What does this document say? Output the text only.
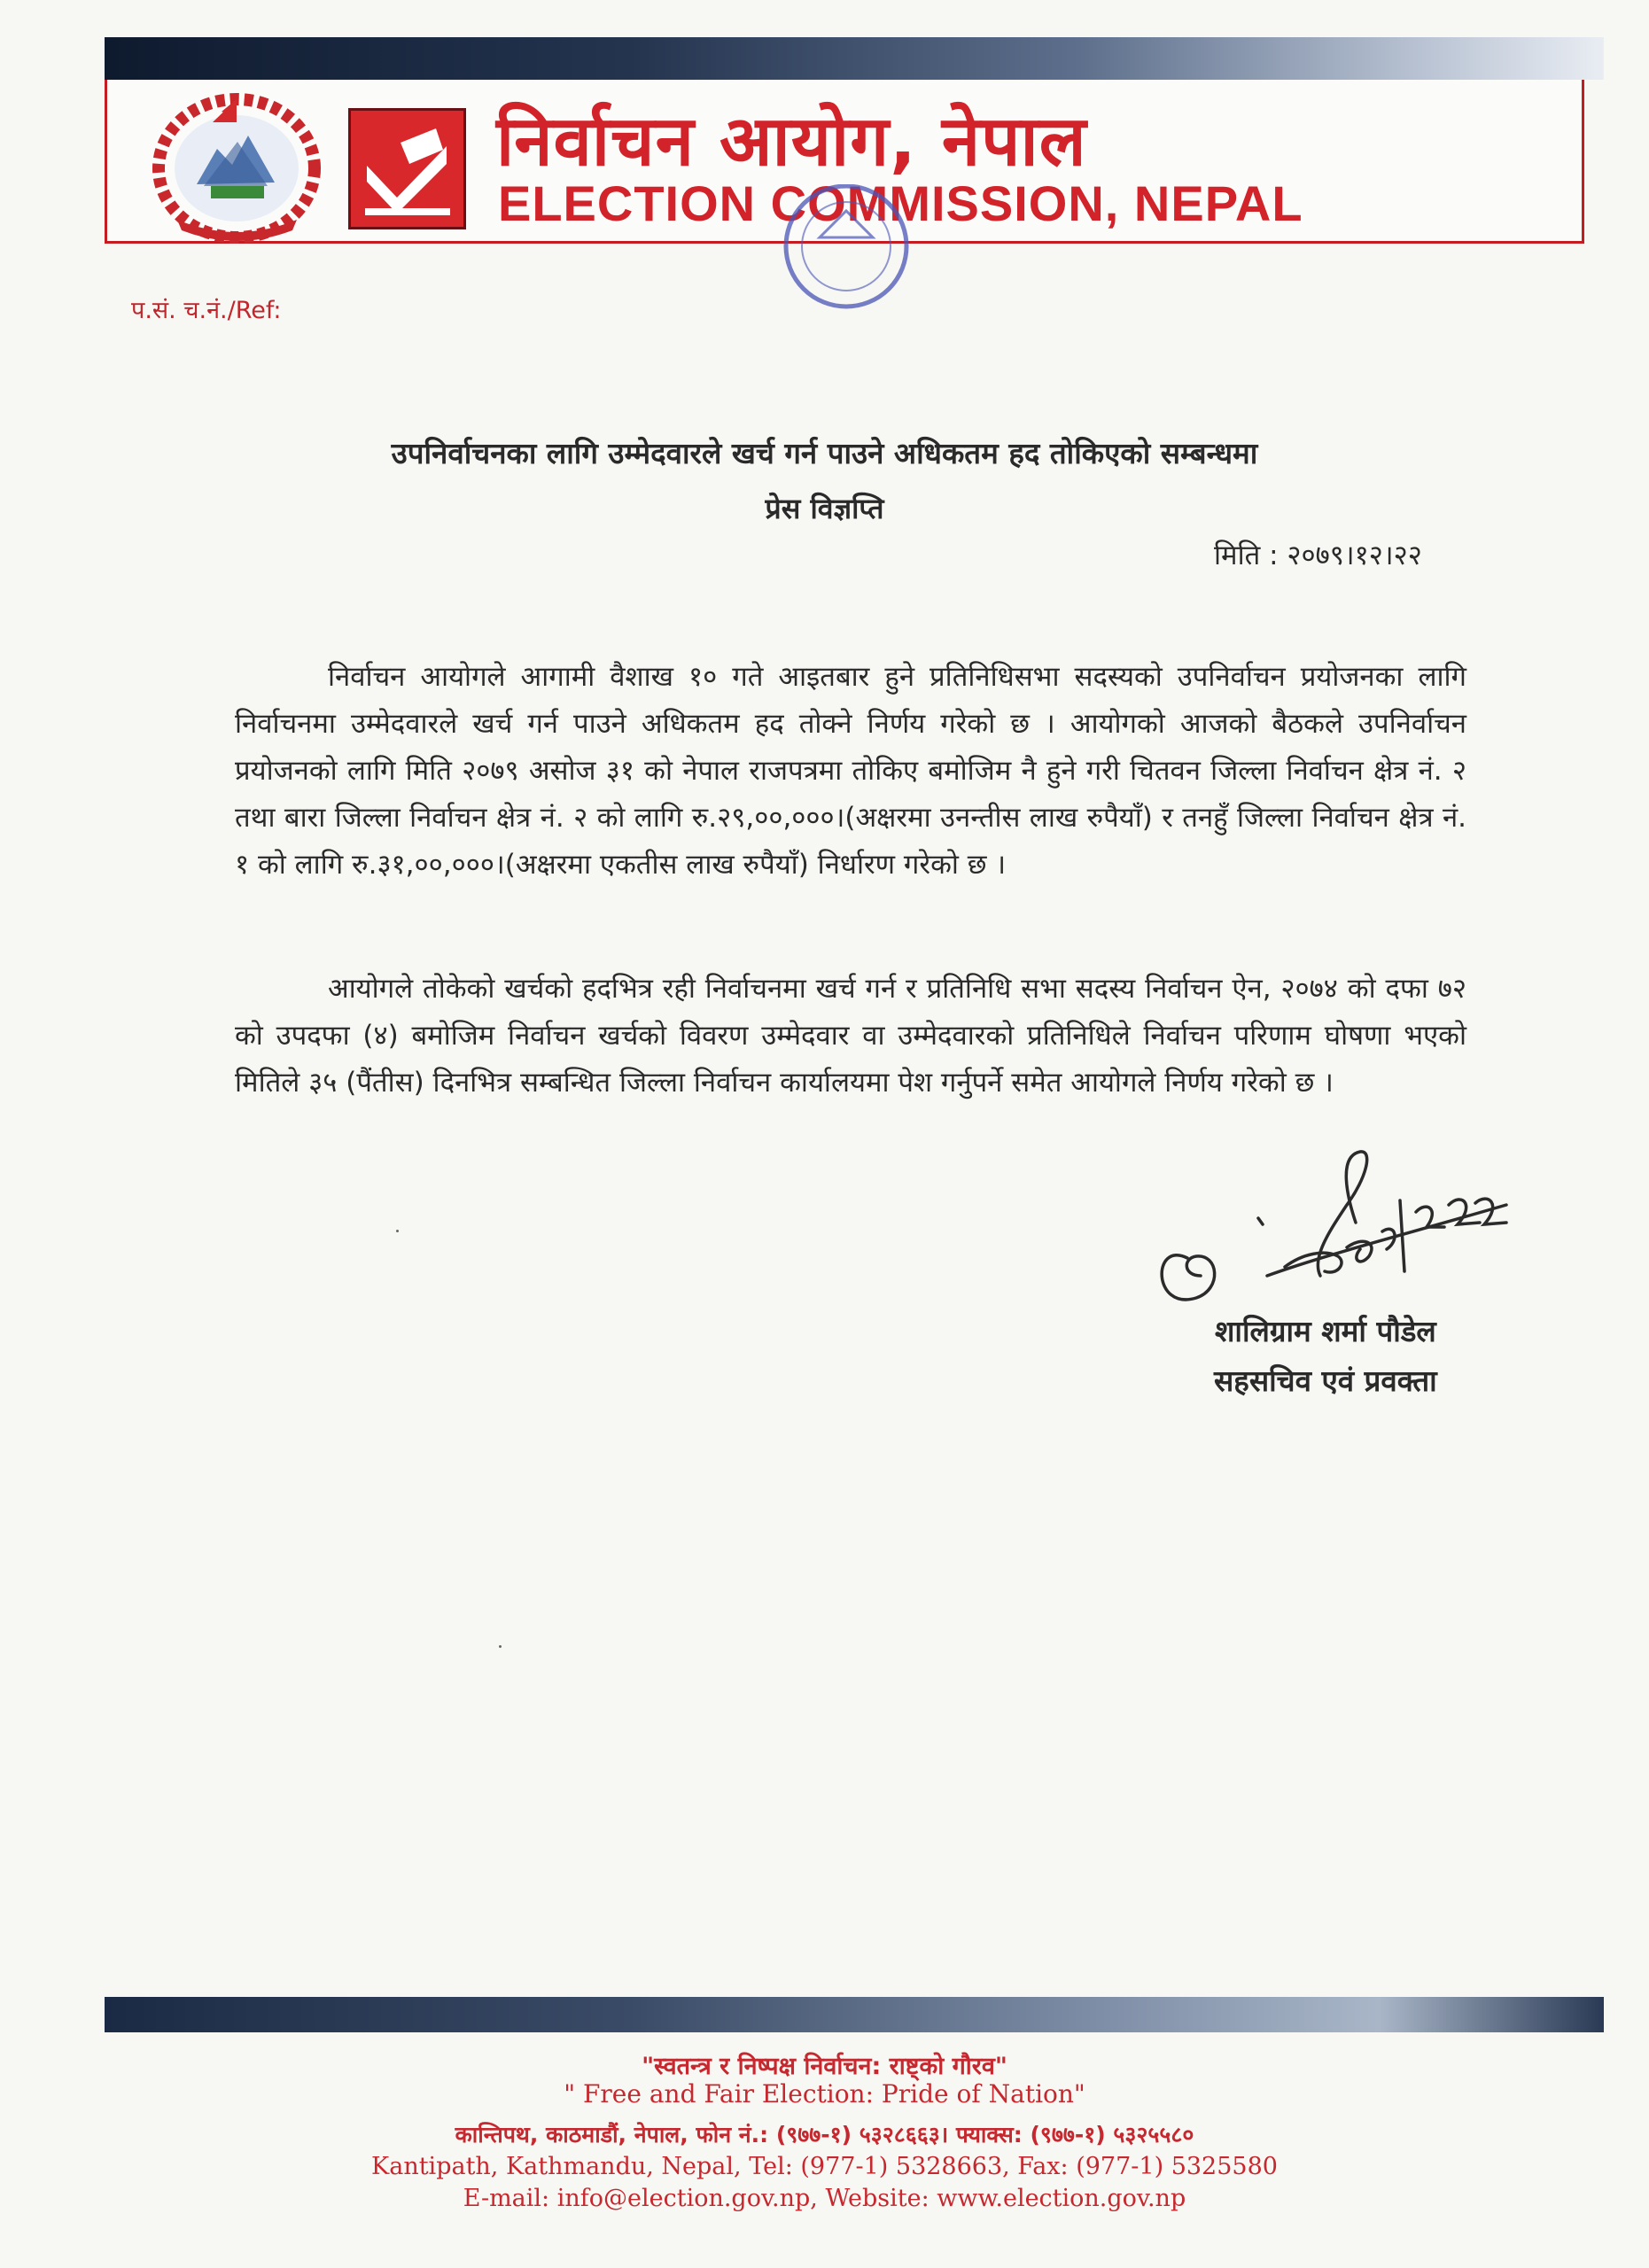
निर्वाचन आयोग, नेपाल
ELECTION COMMISSION, NEPAL
प.सं. च.नं./Ref:
उपनिर्वाचनका लागि उम्मेदवारले खर्च गर्न पाउने अधिकतम हद तोकिएको सम्बन्धमा
प्रेस विज्ञप्ति
मिति : २०७९।१२।२२
निर्वाचन आयोगले आगामी वैशाख १० गते आइतबार हुने प्रतिनिधिसभा सदस्यको उपनिर्वाचन प्रयोजनका लागि निर्वाचनमा उम्मेदवारले खर्च गर्न पाउने अधिकतम हद तोक्ने निर्णय गरेको छ । आयोगको आजको बैठकले उपनिर्वाचन प्रयोजनको लागि मिति २०७९ असोज ३१ को नेपाल राजपत्रमा तोकिए बमोजिम नै हुने गरी चितवन जिल्ला निर्वाचन क्षेत्र नं. २ तथा बारा जिल्ला निर्वाचन क्षेत्र नं. २ को लागि रु.२९,००,०००।(अक्षरमा उनन्तीस लाख रुपैयाँ) र तनहुँ जिल्ला निर्वाचन क्षेत्र नं. १ को लागि रु.३१,००,०००।(अक्षरमा एकतीस लाख रुपैयाँ) निर्धारण गरेको छ ।
आयोगले तोकेको खर्चको हदभित्र रही निर्वाचनमा खर्च गर्न र प्रतिनिधि सभा सदस्य निर्वाचन ऐन, २०७४ को दफा ७२ को उपदफा (४) बमोजिम निर्वाचन खर्चको विवरण उम्मेदवार वा उम्मेदवारको प्रतिनिधिले निर्वाचन परिणाम घोषणा भएको मितिले ३५ (पैंतीस) दिनभित्र सम्बन्धित जिल्ला निर्वाचन कार्यालयमा पेश गर्नुपर्ने समेत आयोगले निर्णय गरेको छ ।
शालिग्राम शर्मा पौडेल
सहसचिव एवं प्रवक्ता
"स्वतन्त्र र निष्पक्ष निर्वाचन: राष्ट्को गौरव"
" Free and Fair Election: Pride of Nation"
कान्तिपथ, काठमाडौं, नेपाल, फोन नं.: (९७७-१) ५३२८६६३। फ्याक्स: (९७७-१) ५३२५५८०
Kantipath, Kathmandu, Nepal, Tel: (977-1) 5328663, Fax: (977-1) 5325580
E-mail: info@election.gov.np, Website: www.election.gov.np
